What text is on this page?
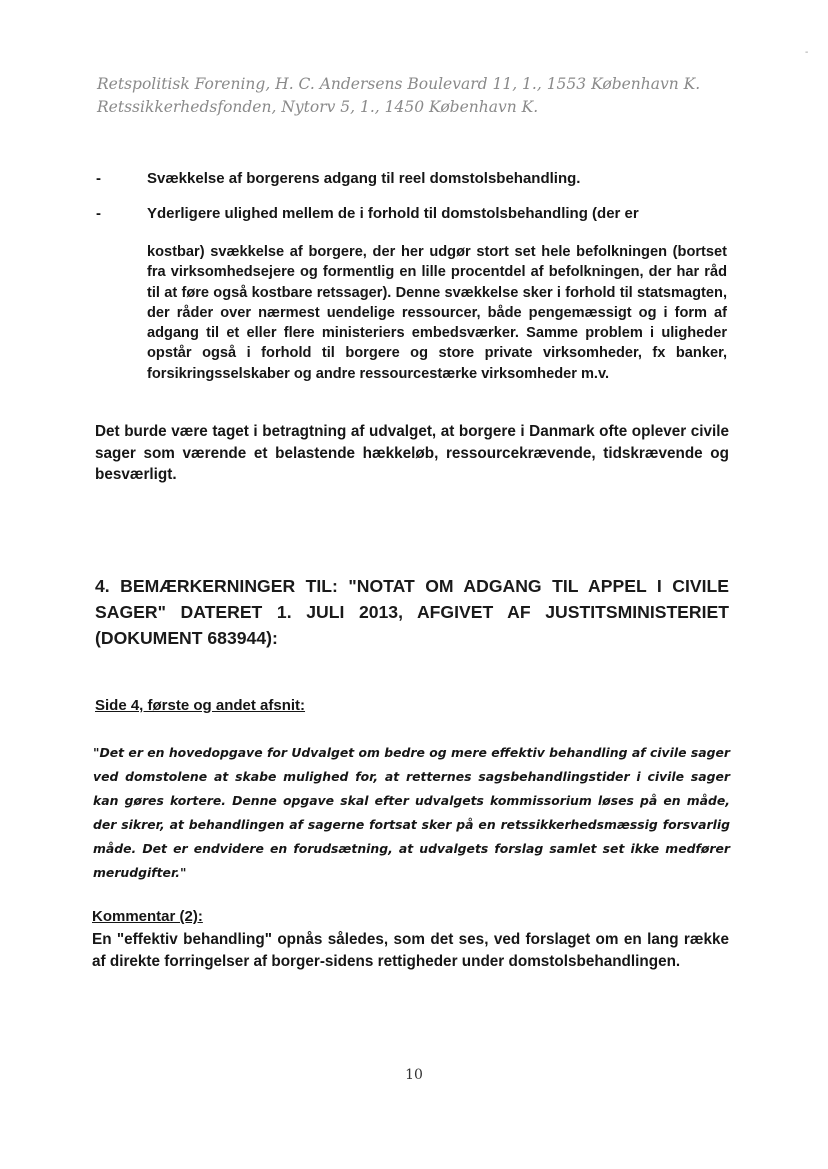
-
Retspolitisk Forening, H. C. Andersens Boulevard 11, 1., 1553 København K.
Retssikkerhedsfonden, Nytorv 5, 1., 1450 København K.
-	Svækkelse af borgerens adgang til reel domstolsbehandling.
-	Yderligere ulighed mellem de i forhold til domstolsbehandling (der er
kostbar) svækkelse af borgere, der her udgør stort set hele befolkningen (bortset fra virksomhedsejere og formentlig en lille procentdel af befolkningen, der har råd til at føre også kostbare retssager). Denne svækkelse sker i forhold til statsmagten, der råder over nærmest uendelige ressourcer, både pengemæssigt og i form af adgang til et eller flere ministeriers embedsværker. Samme problem i uligheder opstår også i forhold til borgere og store private virksomheder, fx banker, forsikringsselskaber og andre ressourcestærke virksomheder m.v.
Det burde være taget i betragtning af udvalget, at borgere i Danmark ofte oplever civile sager som værende et belastende hækkeløb, ressourcekrævende, tidskrævende og besværligt.
4. BEMÆRKERNINGER TIL: "NOTAT OM ADGANG TIL APPEL I CIVILE SAGER" DATERET 1. JULI 2013, AFGIVET AF JUSTITSMINISTERIET (DOKUMENT 683944):
Side 4, første og andet afsnit:
"Det er en hovedopgave for Udvalget om bedre og mere effektiv behandling af civile sager ved domstolene at skabe mulighed for, at retternes sagsbehandlingstider i civile sager kan gøres kortere. Denne opgave skal efter udvalgets kommissorium løses på en måde, der sikrer, at behandlingen af sagerne fortsat sker på en retssikkerhedsmæssig forsvarlig måde. Det er endvidere en forudsætning, at udvalgets forslag samlet set ikke medfører merudgifter."
Kommentar (2):
En "effektiv behandling" opnås således, som det ses, ved forslaget om en lang række af direkte forringelser af borger-sidens rettigheder under domstolsbehandlingen.
10
